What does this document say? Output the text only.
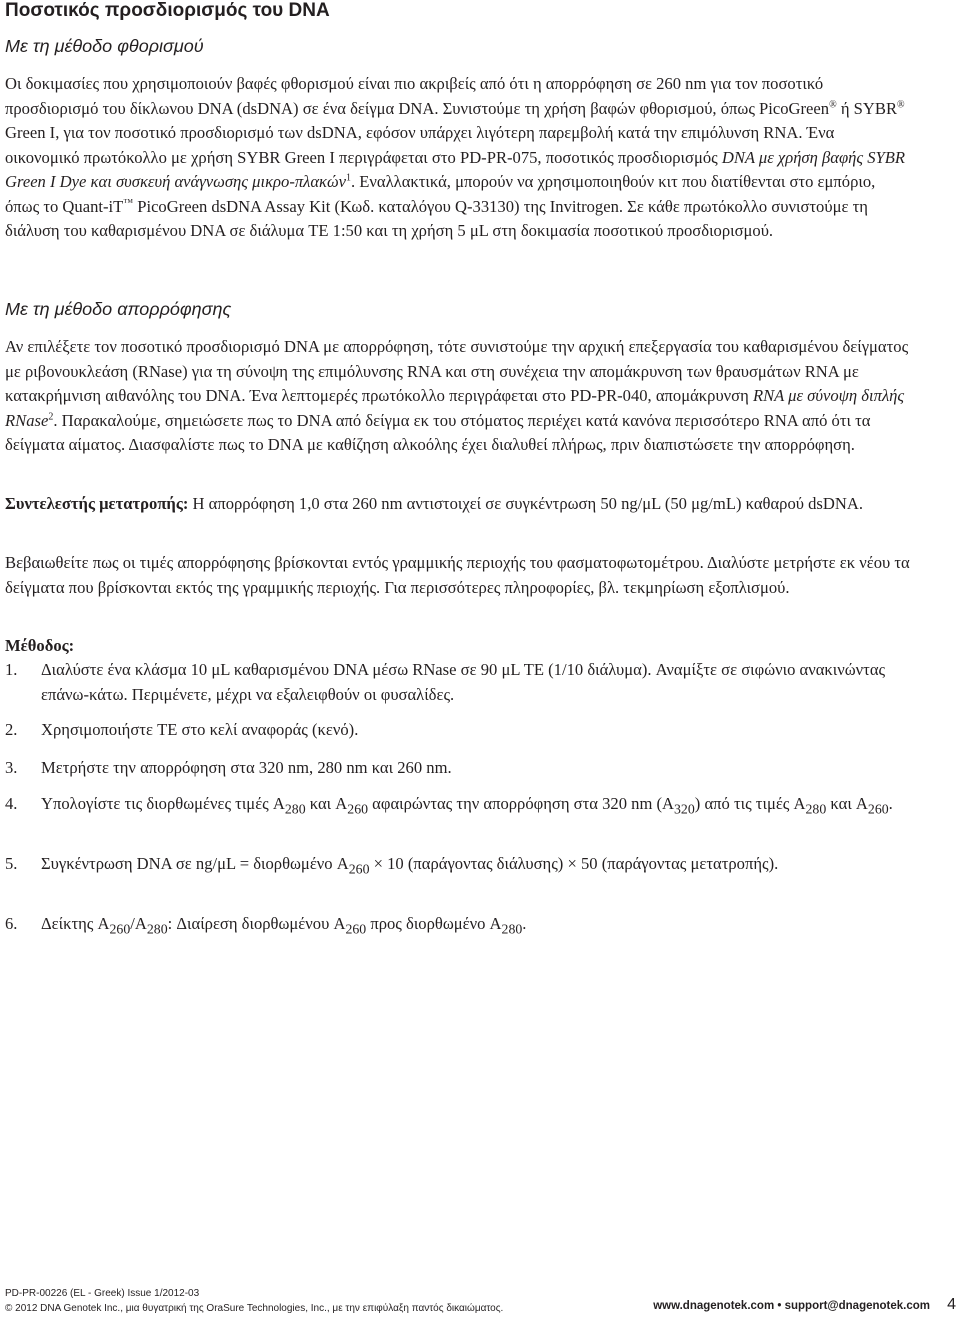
Ποσοτικός προσδιορισμός του DNA
Με τη μέθοδο φθορισμού

Οι δοκιμασίες που χρησιμοποιούν βαφές φθορισμού είναι πιο ακριβείς από ότι η απορρόφηση σε 260 nm για τον ποσοτικό προσδιορισμό του δίκλωνου DNA (dsDNA) σε ένα δείγμα DNA. Συνιστούμε τη χρήση βαφών φθορισμού, όπως PicoGreen® ή SYBR® Green I, για τον ποσοτικό προσδιορισμό των dsDNA, εφόσον υπάρχει λιγότερη παρεμβολή κατά την επιμόλυνση RNA. Ένα οικονομικό πρωτόκολλο με χρήση SYBR Green I περιγράφεται στο PD-PR-075, ποσοτικός προσδιορισμός DNA με χρήση βαφής SYBR Green I Dye και συσκευή ανάγνωσης μικρο-πλακών$^1$. Εναλλακτικά, μπορούν να χρησιμοποιηθούν κιτ που διατίθενται στο εμπόριο, όπως το Quant-iT™ PicoGreen dsDNA Assay Kit (Κωδ. καταλόγου Q-33130) της Invitrogen. Σε κάθε πρωτόκολλο συνιστούμε τη διάλυση του καθαρισμένου DNA σε διάλυμα TE 1:50 και τη χρήση 5 μL στη δοκιμασία ποσοτικού προσδιορισμού.

Με τη μέθοδο απορρόφησης

Αν επιλέξετε τον ποσοτικό προσδιορισμό DNA με απορρόφηση, τότε συνιστούμε την αρχική επεξεργασία του καθαρισμένου δείγματος με ριβονουκλεάση (RNase) για τη σύνοψη της επιμόλυνσης RNA και στη συνέχεια την απομάκρυνση των θραυσμάτων RNA με κατακρήμνιση αιθανόλης του DNA. Ένα λεπτομερές πρωτόκολλο περιγράφεται στο PD-PR-040, απομάκρυνση RNA με σύνοψη διπλής RNase$^2$. Παρακαλούμε, σημειώσετε πως το DNA από δείγμα εκ του στόματος περιέχει κατά κανόνα περισσότερο RNA από ότι τα δείγματα αίματος. Διασφαλίστε πως το DNA με καθίζηση αλκοόλης έχει διαλυθεί πλήρως, πριν διαπιστώσετε την απορρόφηση.

Συντελεστής μετατροπής: Η απορρόφηση 1,0 στα 260 nm αντιστοιχεί σε συγκέντρωση 50 ng/μL (50 μg/mL) καθαρού dsDNA.

Βεβαιωθείτε πως οι τιμές απορρόφησης βρίσκονται εντός γραμμικής περιοχής του φασματοφωτομέτρου. Διαλύστε μετρήστε εκ νέου τα δείγματα που βρίσκονται εκτός της γραμμικής περιοχής. Για περισσότερες πληροφορίες, βλ. τεκμηρίωση εξοπλισμού.

Μέθοδος:

1. Διαλύστε ένα κλάσμα 10 μL καθαρισμένου DNA μέσω RNase σε 90 μL TE (1/10 διάλυμα). Αναμίξτε σε σιφώνιο ανακινώντας επάνω-κάτω. Περιμένετε, μέχρι να εξαλειφθούν οι φυσαλίδες.
2. Χρησιμοποιήστε TE στο κελί αναφοράς (κενό).
3. Μετρήστε την απορρόφηση στα 320 nm, 280 nm και 260 nm.
4. Υπολογίστε τις διορθωμένες τιμές $A_{280}$ και $A_{260}$ αφαιρώντας την απορρόφηση στα 320 nm $(A_{320})$ από τις τιμές $A_{280}$ και $A_{260}$.
5. Συγκέντρωση DNA σε ng/μL = διορθωμένο $A_{260} \times 10$ (παράγοντας διάλυσης) × 50 (παράγοντας μετατροπής).
6. Δείκτης $A_{260}/A_{280}$: Διαίρεση διορθωμένου $A_{260}$ προς διορθωμένο $A_{280}$.
PD-PR-00226 (EL - Greek) Issue 1/2012-03
© 2012 DNA Genotek Inc., μια θυγατρική της OraSure Technologies, Inc., με την επιφύλαξη παντός δικαιώματος.	www.dnagenotek.com • support@dnagenotek.com 4
